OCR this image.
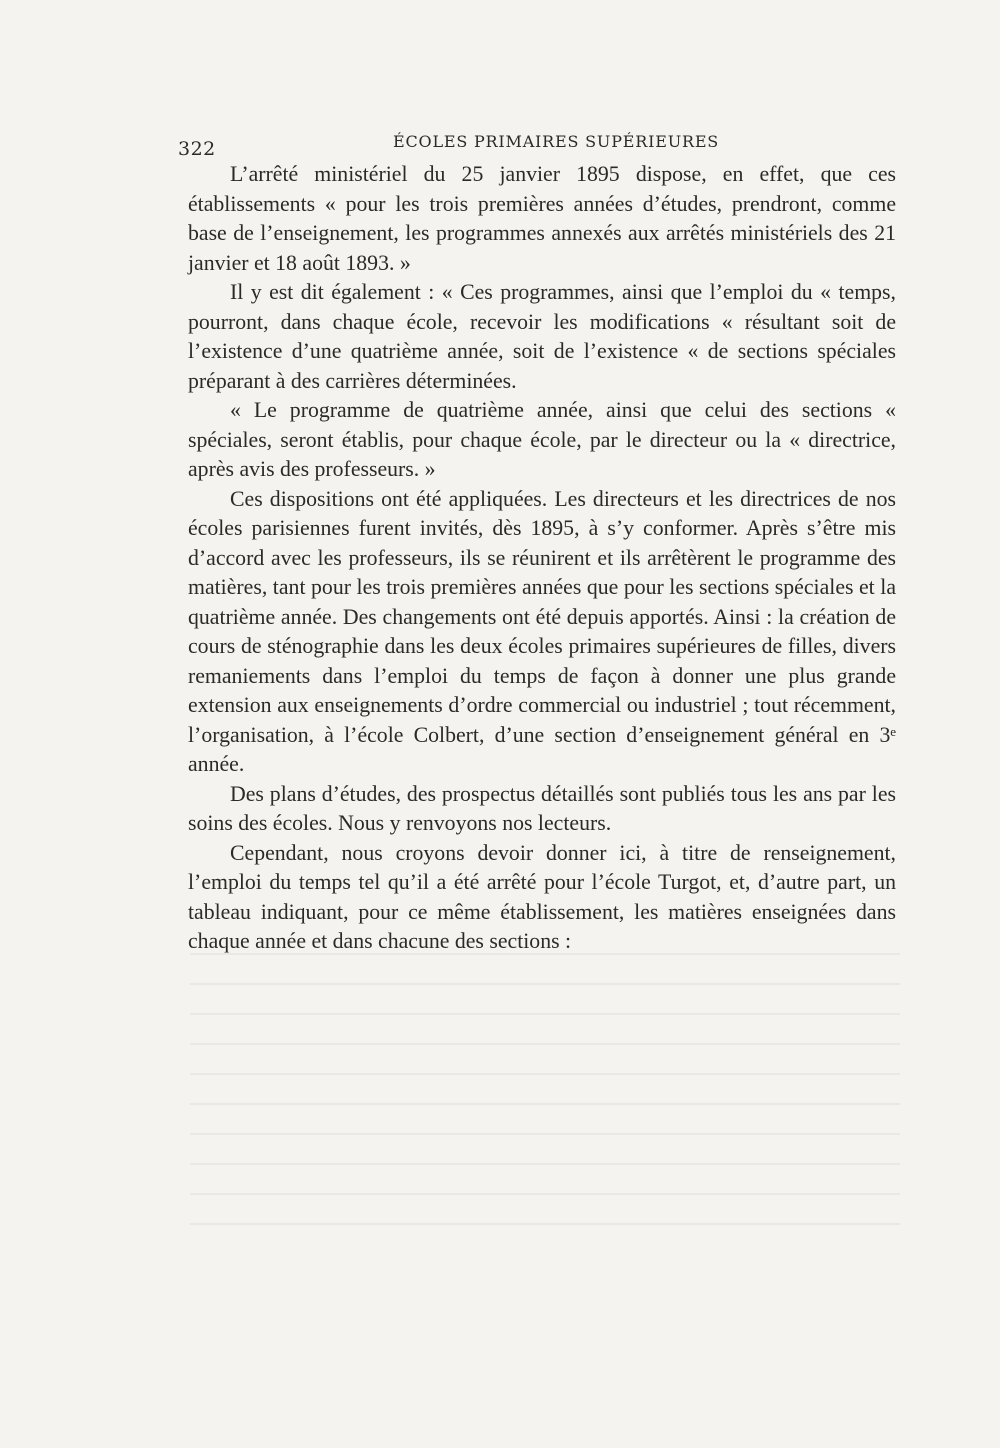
322	ÉCOLES PRIMAIRES SUPÉRIEURES

L’arrêté ministériel du 25 janvier 1895 dispose, en effet, que ces établissements « pour les trois premières années d’études, prendront, comme base de l’enseignement, les programmes annexés aux arrêtés ministériels des 21 janvier et 18 août 1893. »

Il y est dit également : « Ces programmes, ainsi que l’emploi du « temps, pourront, dans chaque école, recevoir les modifications « résultant soit de l’existence d’une quatrième année, soit de l’existence « de sections spéciales préparant à des carrières déterminées.

« Le programme de quatrième année, ainsi que celui des sections « spéciales, seront établis, pour chaque école, par le directeur ou la « directrice, après avis des professeurs. »

Ces dispositions ont été appliquées. Les directeurs et les directrices de nos écoles parisiennes furent invités, dès 1895, à s’y conformer. Après s’être mis d’accord avec les professeurs, ils se réunirent et ils arrêtèrent le programme des matières, tant pour les trois premières années que pour les sections spéciales et la quatrième année. Des changements ont été depuis apportés. Ainsi : la création de cours de sténographie dans les deux écoles primaires supérieures de filles, divers remaniements dans l’emploi du temps de façon à donner une plus grande extension aux enseignements d’ordre commercial ou industriel ; tout récemment, l’organisation, à l’école Colbert, d’une section d’enseignement général en 3ᵉ année.

Des plans d’études, des prospectus détaillés sont publiés tous les ans par les soins des écoles. Nous y renvoyons nos lecteurs.

Cependant, nous croyons devoir donner ici, à titre de renseignement, l’emploi du temps tel qu’il a été arrêté pour l’école Turgot, et, d’autre part, un tableau indiquant, pour ce même établissement, les matières enseignées dans chaque année et dans chacune des sections :
